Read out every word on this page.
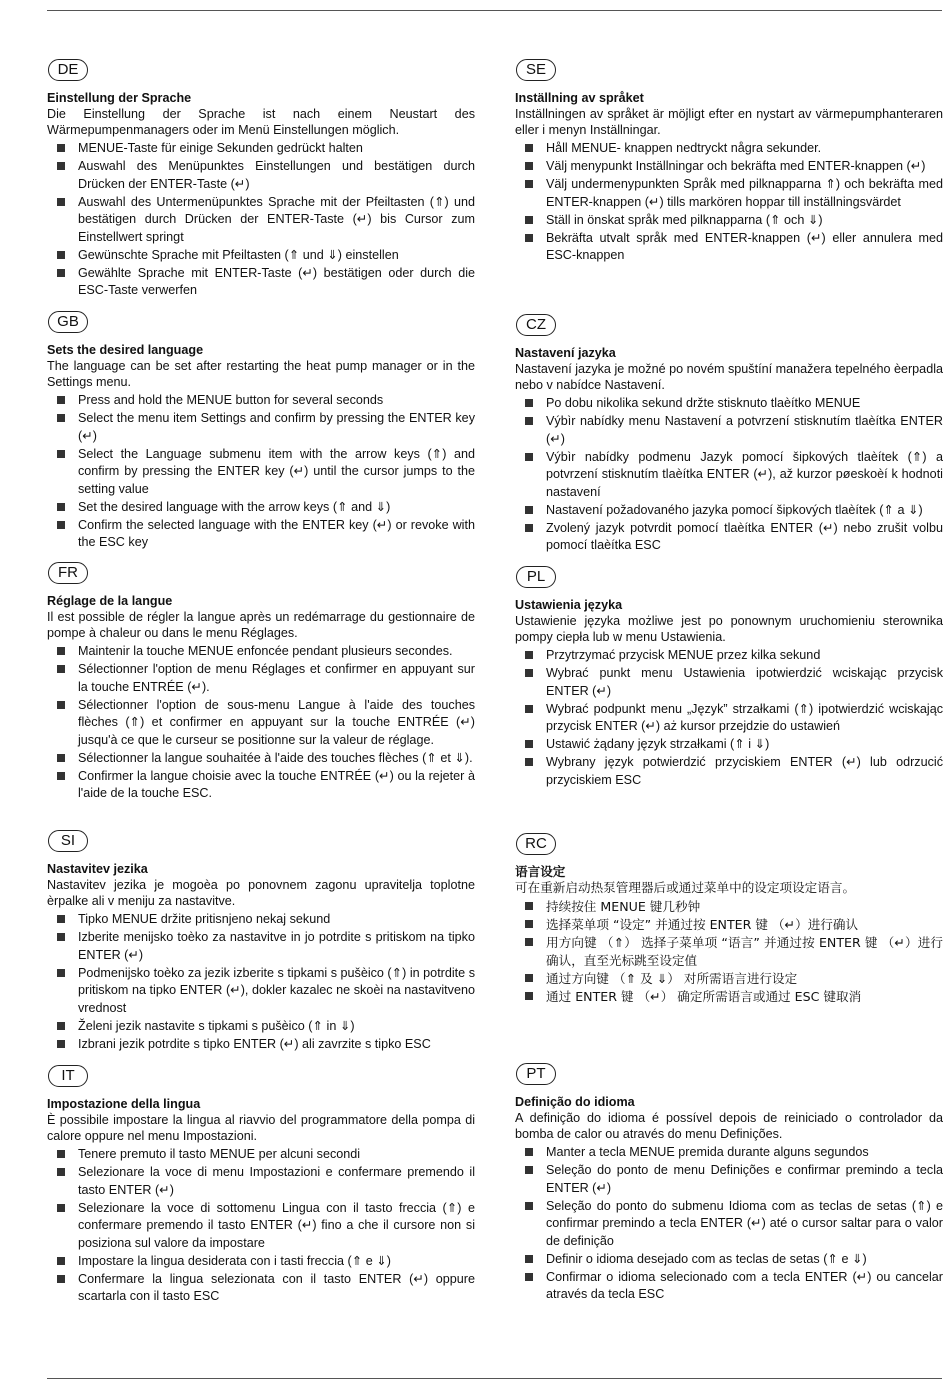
DE
Einstellung der Sprache
Die Einstellung der Sprache ist nach einem Neustart des Wärmepumpenmanagers oder im Menü Einstellungen möglich.
MENUE-Taste für einige Sekunden gedrückt halten
Auswahl des Menüpunktes Einstellungen und bestätigen durch Drücken der ENTER-Taste (↵)
Auswahl des Untermenüpunktes Sprache mit der Pfeiltasten (⇑) und bestätigen durch Drücken der ENTER-Taste (↵) bis Cursor zum Einstellwert springt
Gewünschte Sprache mit Pfeiltasten (⇑ und ⇓) einstellen
Gewählte Sprache mit ENTER-Taste (↵) bestätigen oder durch die ESC-Taste verwerfen
GB
Sets the desired language
The language can be set after restarting the heat pump manager or in the Settings menu.
Press and hold the MENUE button for several seconds
Select the menu item Settings and confirm by pressing the ENTER key (↵)
Select the Language submenu item with the arrow keys (⇑) and confirm by pressing the ENTER key (↵) until the cursor jumps to the setting value
Set the desired language with the arrow keys (⇑ and ⇓)
Confirm the selected language with the ENTER key (↵) or revoke with the ESC key
FR
Réglage de la langue
Il est possible de régler la langue après un redémarrage du gestionnaire de pompe à chaleur ou dans le menu Réglages.
Maintenir la touche MENUE enfoncée pendant plusieurs secondes.
Sélectionner l'option de menu Réglages et confirmer en appuyant sur la touche ENTRÉE (↵).
Sélectionner l'option de sous-menu Langue à l'aide des touches flèches (⇑) et confirmer en appuyant sur la touche ENTRÉE (↵) jusqu'à ce que le curseur se positionne sur la valeur de réglage.
Sélectionner la langue souhaitée à l'aide des touches flèches (⇑ et ⇓).
Confirmer la langue choisie avec la touche ENTRÉE (↵) ou la rejeter à l'aide de la touche ESC.
SI
Nastavitev jezika
Nastavitev jezika je mogoèa po ponovnem zagonu upravitelja toplotne èrpalke ali v meniju za nastavitve.
Tipko MENUE držite pritisnjeno nekaj sekund
Izberite menijsko toèko za nastavitve in jo potrdite s pritiskom na tipko ENTER (↵)
Podmenijsko toèko za jezik izberite s tipkami s pušèico (⇑) in potrdite s pritiskom na tipko ENTER (↵), dokler kazalec ne skoèi na nastavitveno vrednost
Želeni jezik nastavite s tipkami s pušèico (⇑ in ⇓)
Izbrani jezik potrdite s tipko ENTER (↵) ali zavrzite s tipko ESC
IT
Impostazione della lingua
È possibile impostare la lingua al riavvio del programmatore della pompa di calore oppure nel menu Impostazioni.
Tenere premuto il tasto MENUE per alcuni secondi
Selezionare la voce di menu Impostazioni e confermare premendo il tasto ENTER (↵)
Selezionare la voce di sottomenu Lingua con il tasto freccia (⇑) e confermare premendo il tasto ENTER (↵) fino a che il cursore non si posiziona sul valore da impostare
Impostare la lingua desiderata con i tasti freccia (⇑ e ⇓)
Confermare la lingua selezionata con il tasto ENTER (↵) oppure scartarla con il tasto ESC
SE
Inställning av språket
Inställningen av språket är möjligt efter en nystart av värmepumphanteraren eller i menyn Inställningar.
Håll MENUE- knappen nedtryckt några sekunder.
Välj menypunkt Inställningar och bekräfta med ENTER-knappen (↵)
Välj undermenypunkten Språk med pilknapparna ⇑) och bekräfta med ENTER-knappen (↵) tills markören hoppar till inställningsvärdet
Ställ in önskat språk med pilknapparna (⇑ och ⇓)
Bekräfta utvalt språk med ENTER-knappen (↵) eller annulera med ESC-knappen
CZ
Nastavení jazyka
Nastavení jazyka je možné po novém spuštíní manažera tepelného èerpadla nebo v nabídce Nastavení.
Po dobu nikolika sekund držte stisknuto tlaèítko MENUE
Výbìr nabídky menu Nastavení a potvrzení stisknutím tlaèítka ENTER (↵)
Výbìr nabídky podmenu Jazyk pomocí šipkových tlaèítek (⇑) a potvrzení stisknutím tlaèítka ENTER (↵), až kurzor pøeskoèí k hodnoti nastavení
Nastavení požadovaného jazyka pomocí šipkových tlaèítek (⇑ a ⇓)
Zvolený jazyk potvrdit pomocí tlaèítka ENTER (↵) nebo zrušit volbu pomocí tlaèítka ESC
PL
Ustawienia języka
Ustawienie języka możliwe jest po ponownym uruchomieniu sterownika pompy ciepła lub w menu Ustawienia.
Przytrzymać przycisk MENUE przez kilka sekund
Wybrać punkt menu Ustawienia ipotwierdzić wciskając przycisk ENTER (↵)
Wybrać podpunkt menu „Język” strzałkami (⇑) ipotwierdzić wciskając przycisk ENTER (↵) aż kursor przejdzie do ustawień
Ustawić żądany język strzałkami (⇑ i ⇓)
Wybrany język potwierdzić przyciskiem ENTER (↵) lub odrzucić przyciskiem ESC
RC
语言设定
可在重新启动热泵管理器后或通过菜单中的设定项设定语言。
持续按住 MENUE 键几秒钟
选择菜单项 “设定” 并通过按 ENTER 键 （↵）进行确认
用方向键 （⇑） 选择子菜单项 “语言” 并通过按 ENTER 键 （↵）进行确认，直至光标跳至设定值
通过方向键 （⇑ 及 ⇓） 对所需语言进行设定
通过 ENTER 键 （↵） 确定所需语言或通过 ESC 键取消
PT
Definição do idioma
A definição do idioma é possível depois de reiniciado o controlador da bomba de calor ou através do menu Definições.
Manter a tecla MENUE premida durante alguns segundos
Seleção do ponto de menu Definições e confirmar premindo a tecla ENTER (↵)
Seleção do ponto do submenu Idioma com as teclas de setas (⇑) e confirmar premindo a tecla ENTER (↵) até o cursor saltar para o valor de definição
Definir o idioma desejado com as teclas de setas (⇑ e ⇓)
Confirmar o idioma selecionado com a tecla ENTER (↵) ou cancelar através da tecla ESC
